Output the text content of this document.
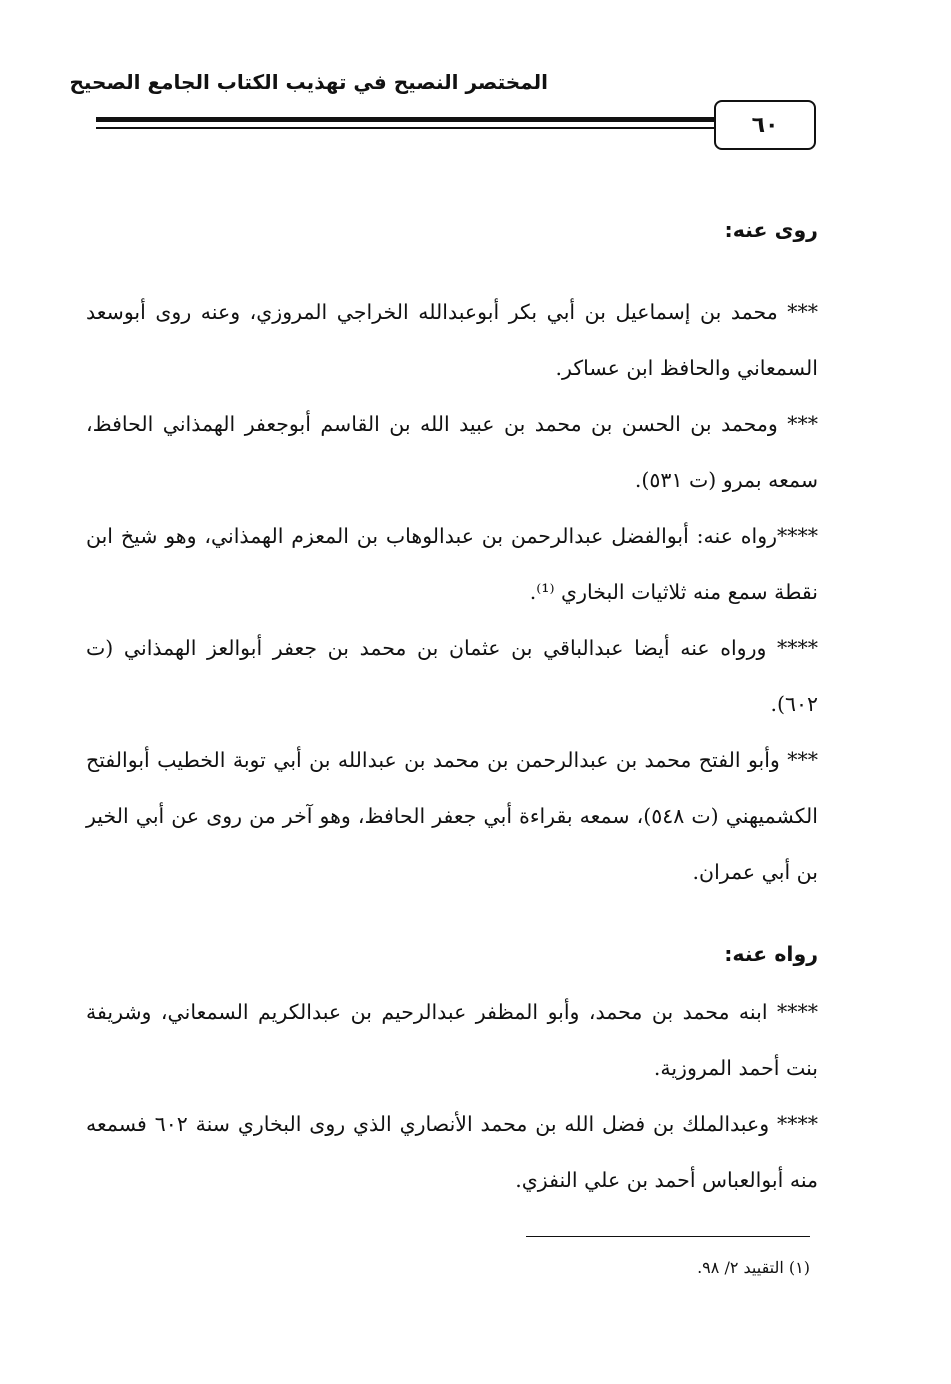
المختصر النصيح في تهذيب الكتاب الجامع الصحيح
٦٠

روى عنه:

*** محمد بن إسماعيل بن أبي بكر أبوعبدالله الخراجي المروزي، وعنه روى أبوسعد السمعاني والحافظ ابن عساكر.

*** ومحمد بن الحسن بن محمد بن عبيد الله بن القاسم أبوجعفر الهمذاني الحافظ، سمعه بمرو (ت ٥٣١).

****رواه عنه: أبوالفضل عبدالرحمن بن عبدالوهاب بن المعزم الهمذاني، وهو شيخ ابن نقطة سمع منه ثلاثيات البخاري ⁽¹⁾.

**** ورواه عنه أيضا عبدالباقي بن عثمان بن محمد بن جعفر أبوالعز الهمذاني (ت ٦٠٢).

*** وأبو الفتح محمد بن عبدالرحمن بن محمد بن عبدالله بن أبي توبة الخطيب أبوالفتح الكشميهني (ت ٥٤٨)، سمعه بقراءة أبي جعفر الحافظ، وهو آخر من روى عن أبي الخير بن أبي عمران.

رواه عنه:

**** ابنه محمد بن محمد، وأبو المظفر عبدالرحيم بن عبدالكريم السمعاني، وشريفة بنت أحمد المروزية.

**** وعبدالملك بن فضل الله بن محمد الأنصاري الذي روى البخاري سنة ٦٠٢ فسمعه منه أبوالعباس أحمد بن علي النفزي.

(١) التقييد ٢/ ٩٨.
